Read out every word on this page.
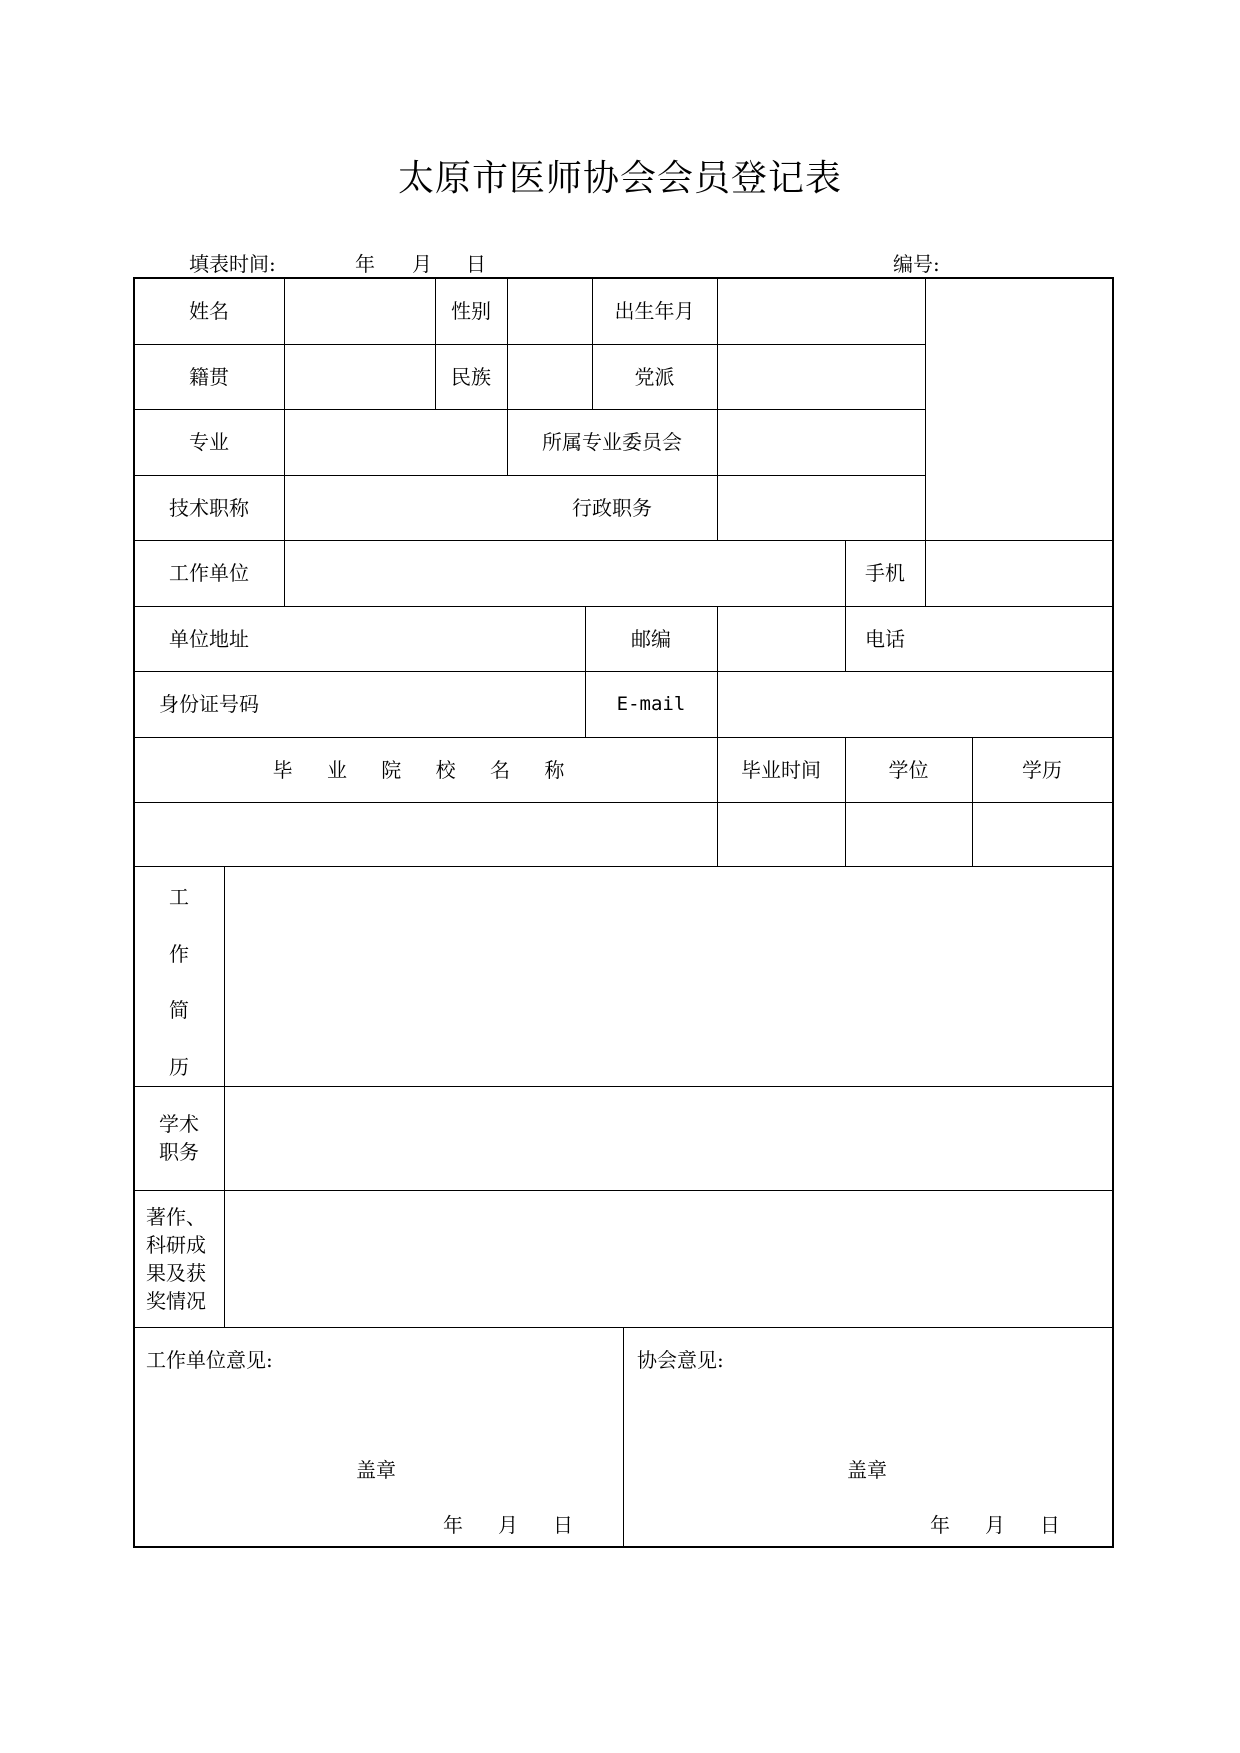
太原市医师协会会员登记表
填表时间:	年 月 日	编号:
姓名	性别	出生年月
籍贯	民族	党派
专业	所属专业委员会
技术职称	行政职务
工作单位	手机
单位地址	邮编	电话
身份证号码	E-mail
毕 业 院 校 名 称	毕业时间	学位	学历
工
作
简
历
学术
职务
著作、
科研成
果及获
奖情况
工作单位意见:
盖章
年 月 日
协会意见:
盖章
年 月 日
